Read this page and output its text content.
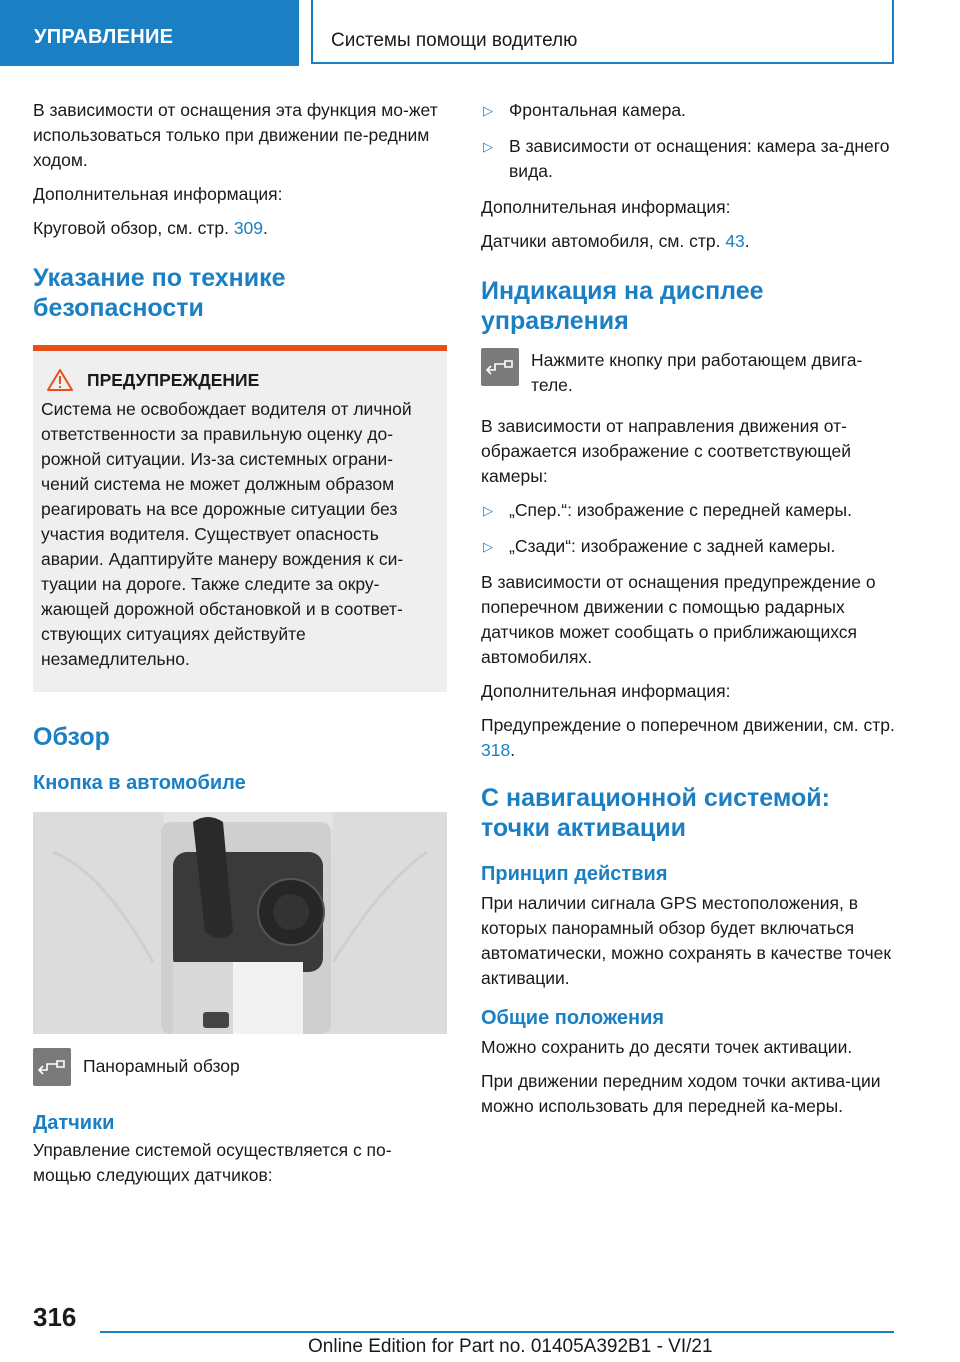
УПРАВЛЕНИЕ	Системы помощи водителю

В зависимости от оснащения эта функция мо-жет использоваться только при движении пе-редним ходом.

Дополнительная информация:

Круговой обзор, см. стр. 309.

Указание по технике безопасности
ПРЕДУПРЕЖДЕНИЕ

Система не освобождает водителя от личной ответственности за правильную оценку до-рожной ситуации. Из-за системных ограни-чений система не может должным образом реагировать на все дорожные ситуации без участия водителя. Существует опасность аварии. Адаптируйте манеру вождения к си-туации на дороге. Также следите за окру-жающей дорожной обстановкой и в соответ-ствующих ситуациях действуйте незамедлительно.

Обзор
Кнопка в автомобиле

Панорамный обзор

Датчики

Управление системой осуществляется с по-мощью следующих датчиков:

▷ Фронтальная камера.
▷ В зависимости от оснащения: камера за-днего вида.

Дополнительная информация:

Датчики автомобиля, см. стр. 43.

Индикация на дисплее управления

Нажмите кнопку при работающем двига-теле.

В зависимости от направления движения от-ображается изображение с соответствующей камеры:

▷ „Спер.“: изображение с передней камеры.
▷ „Сзади“: изображение с задней камеры.

В зависимости от оснащения предупреждение о поперечном движении с помощью радарных датчиков может сообщать о приближающихся автомобилях.

Дополнительная информация:

Предупреждение о поперечном движении, см. стр. 318.

С навигационной системой: точки активации
Принцип действия

При наличии сигнала GPS местоположения, в которых панорамный обзор будет включаться автоматически, можно сохранять в качестве точек активации.

Общие положения

Можно сохранить до десяти точек активации.

При движении передним ходом точки актива-ции можно использовать для передней ка-меры.

316
Online Edition for Part no. 01405A392B1 - VI/21
